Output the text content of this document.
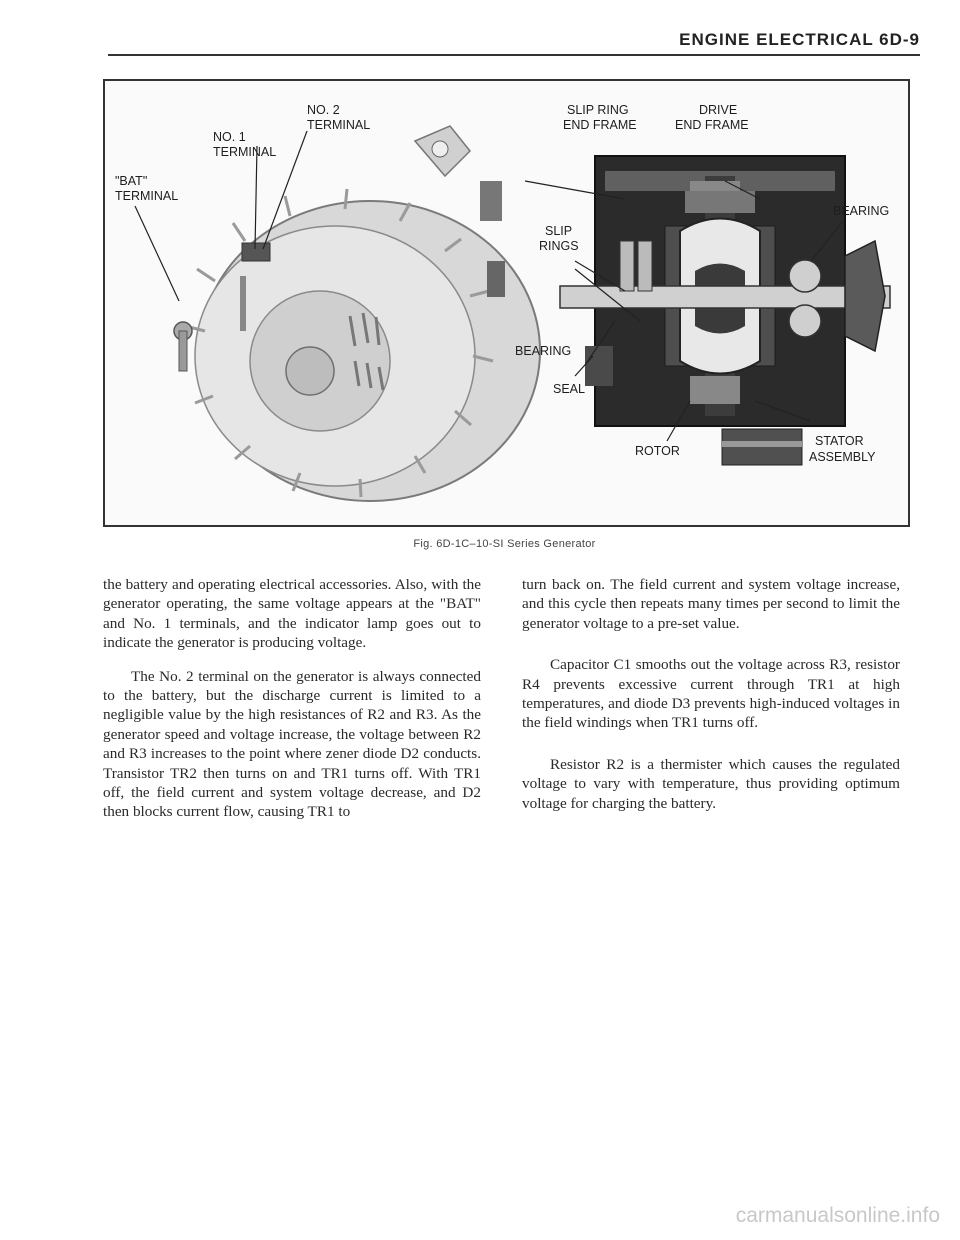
ENGINE ELECTRICAL 6D-9
NO. 2
TERMINAL
NO. 1
TERMINAL
"BAT"
TERMINAL
SLIP RING
END FRAME
DRIVE
END FRAME
BEARING
SLIP
RINGS
BEARING
SEAL
ROTOR
STATOR
ASSEMBLY
Fig. 6D-1C–10-SI Series Generator

the battery and operating electrical accessories. Also, with the generator operating, the same voltage appears at the "BAT" and No. 1 terminals, and the indicator lamp goes out to indicate the generator is producing voltage.

The No. 2 terminal on the generator is always connected to the battery, but the discharge current is limited to a negligible value by the high resistances of R2 and R3. As the generator speed and voltage increase, the voltage between R2 and R3 increases to the point where zener diode D2 conducts. Transistor TR2 then turns on and TR1 turns off. With TR1 off, the field current and system voltage decrease, and D2 then blocks current flow, causing TR1 to

turn back on. The field current and system voltage increase, and this cycle then repeats many times per second to limit the generator voltage to a pre-set value.

Capacitor C1 smooths out the voltage across R3, resistor R4 prevents excessive current through TR1 at high temperatures, and diode D3 prevents high-induced voltages in the field windings when TR1 turns off.

Resistor R2 is a thermister which causes the regulated voltage to vary with temperature, thus providing optimum voltage for charging the battery.

carmanualsonline.info
